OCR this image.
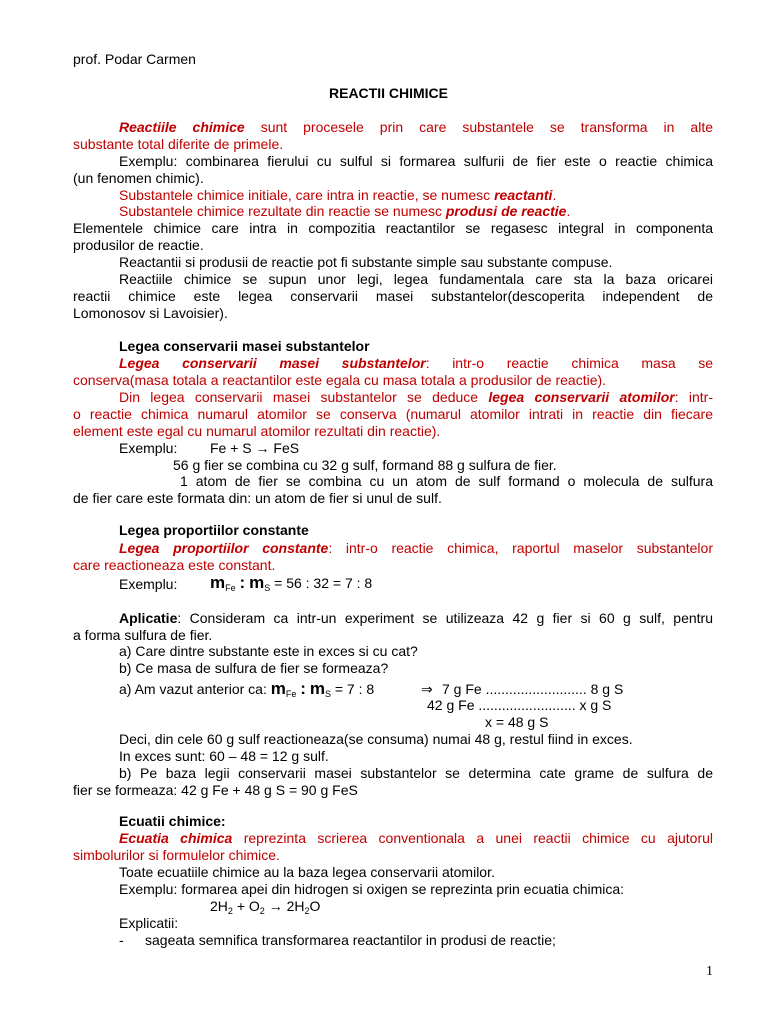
prof. Podar Carmen
REACTII CHIMICE
Reactiile chimice sunt procesele prin care substantele se transforma in alte
substante total diferite de primele.
Exemplu: combinarea fierului cu sulful si formarea sulfurii de fier este o reactie chimica
(un fenomen chimic).
Substantele chimice initiale, care intra in reactie, se numesc reactanti.
Substantele chimice rezultate din reactie se numesc produsi de reactie.
Elementele chimice care intra in compozitia reactantilor se regasesc integral in componenta
produsilor de reactie.
Reactantii si produsii de reactie pot fi substante simple sau substante compuse.
Reactiile chimice se supun unor legi, legea fundamentala care sta la baza oricarei
reactii chimice este legea conservarii masei substantelor(descoperita independent de
Lomonosov si Lavoisier).
Legea conservarii masei substantelor
Legea conservarii masei substantelor: intr-o reactie chimica masa se
conserva(masa totala a reactantilor este egala cu masa totala a produsilor de reactie).
Din legea conservarii masei substantelor se deduce legea conservarii atomilor: intr-
o reactie chimica numarul atomilor se conserva (numarul atomilor intrati in reactie din fiecare
element este egal cu numarul atomilor rezultati din reactie).
Exemplu: Fe + S → FeS
56 g fier se combina cu 32 g sulf, formand 88 g sulfura de fier.
1 atom de fier se combina cu un atom de sulf formand o molecula de sulfura
de fier care este formata din: un atom de fier si unul de sulf.
Legea proportiilor constante
Legea proportiilor constante: intr-o reactie chimica, raportul maselor substantelor
care reactioneaza este constant.
Exemplu: $m_{Fe}$ : $m_S = 56$ : 32 = 7 : 8
Aplicatie: Consideram ca intr-un experiment se utilizeaza 42 g fier si 60 g sulf, pentru
a forma sulfura de fier.
a) Care dintre substante este in exces si cu cat?
b) Ce masa de sulfura de fier se formeaza?
a) Am vazut anterior ca: $m_{Fe}$ : $m_S = 7$ : 8	⇒ 7 g Fe .......................... 8 g S
42 g Fe ......................... x g S
x = 48 g S
Deci, din cele 60 g sulf reactioneaza(se consuma) numai 48 g, restul fiind in exces.
In exces sunt: 60 – 48 = 12 g sulf.
b) Pe baza legii conservarii masei substantelor se determina cate grame de sulfura de
fier se formeaza: 42 g Fe + 48 g S = 90 g FeS
Ecuatii chimice:
Ecuatia chimica reprezinta scrierea conventionala a unei reactii chimice cu ajutorul
simbolurilor si formulelor chimice.
Toate ecuatiile chimice au la baza legea conservarii atomilor.
Exemplu: formarea apei din hidrogen si oxigen se reprezinta prin ecuatia chimica:
$2H_2 + O_2 \to 2H_2O$
Explicatii:
- sageata semnifica transformarea reactantilor in produsi de reactie;
1
